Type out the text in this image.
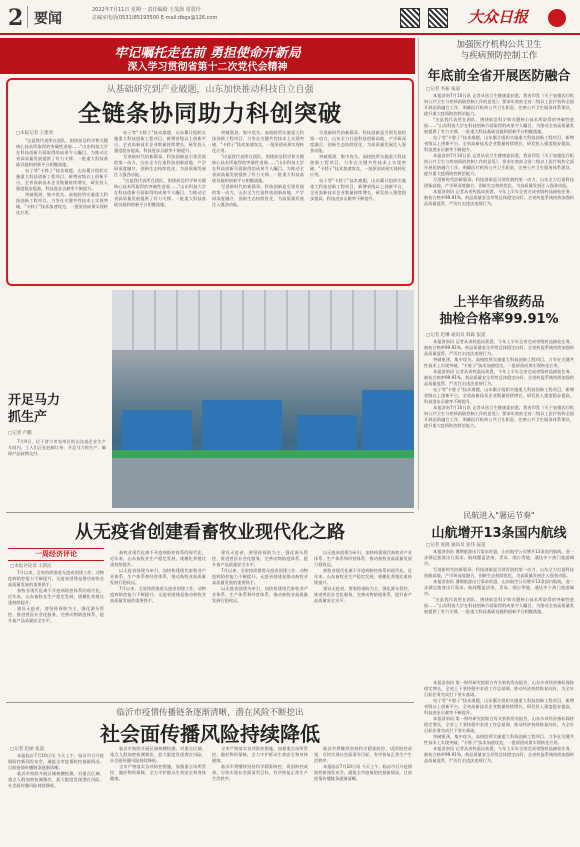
2 要闻
2022年7月11日 星期一 责任编辑 王茂海 常震玲
总编室电话(0531)85193500 E-mail:dbgx@126.com	大众日报
牢记嘱托走在前 勇担使命开新局
深入学习贯彻省第十二次党代会精神
从基础研究到产业破题，山东加快推动科技自立自强
全链条协同助力科创突破
□本报记者 王建勇

"这是我代表所在团队，围绕前沿科学和关键核心技术所取得的突破性进展……"山东科技大学在科技创新方面取得的成果令人瞩目，为推动全省高质量发展提供了有力支撑。一批重大科技基础设施和创新平台相继落地。

电子等"卡脖子"技术难题，山东累计组织实施重大科技创新工程项目，新增省级以上创新平台，全省高新技术企业数量持续增长，研发投入强度稳步提高，科技进步贡献率不断提升。

突破瓶颈，集中攻关。高校院所实施重大科技创新工程项目，力争在关键共性技术上实现突破，"卡脖子"技术加速攻克，一批原创成果实现转化应用。

电子等"卡脖子"技术难题，山东累计组织实施重大科技创新工程项目，新增省级以上创新平台，全省高新技术企业数量持续增长，研发投入强度稳步提高，科技进步贡献率不断提升。

写进新时代的新篇章。科技创新是引领发展的第一动力，山东全力打造科技创新高地，产学研深度融合，创新生态持续优化，为高质量发展注入强劲动能。

"这是我代表所在团队，围绕前沿科学和关键核心技术所取得的突破性进展……"山东科技大学在科技创新方面取得的成果令人瞩目，为推动全省高质量发展提供了有力支撑。一批重大科技基础设施和创新平台相继落地。

突破瓶颈，集中攻关。高校院所实施重大科技创新工程项目，力争在关键共性技术上实现突破，"卡脖子"技术加速攻克，一批原创成果实现转化应用。

"这是我代表所在团队，围绕前沿科学和关键核心技术所取得的突破性进展……"山东科技大学在科技创新方面取得的成果令人瞩目，为推动全省高质量发展提供了有力支撑。一批重大科技基础设施和创新平台相继落地。

写进新时代的新篇章。科技创新是引领发展的第一动力，山东全力打造科技创新高地，产学研深度融合，创新生态持续优化，为高质量发展注入强劲动能。

写进新时代的新篇章。科技创新是引领发展的第一动力，山东全力打造科技创新高地，产学研深度融合，创新生态持续优化，为高质量发展注入强劲动能。

突破瓶颈，集中攻关。高校院所实施重大科技创新工程项目，力争在关键共性技术上实现突破，"卡脖子"技术加速攻克，一批原创成果实现转化应用。

电子等"卡脖子"技术难题，山东累计组织实施重大科技创新工程项目，新增省级以上创新平台，全省高新技术企业数量持续增长，研发投入强度稳步提高，科技进步贡献率不断提升。

开足马力
抓生产
□记者 卢鹏

7月9日，位于济宁市兖州区的山东某企业生产车间内，工人们正在赶制订单，开足马力抓生产，确保产品按期交付。

加强医疗机构公共卫生
与疾病预防控制工作
年底前全省开展医防融合
□记者 李振 报道

本报济南7月10日讯 记者从省卫生健康委获悉，我省印发《关于加强医疗机构公共卫生与疾病预防控制工作的意见》，要求年底前全省二级以上医疗机构全面开展医防融合工作，明确医疗机构公共卫生职责，完善公共卫生服务体系建设，提升重大疫情防控救治能力。

"这是我代表所在团队，围绕前沿科学和关键核心技术所取得的突破性进展……"山东科技大学在科技创新方面取得的成果令人瞩目，为推动全省高质量发展提供了有力支撑。一批重大科技基础设施和创新平台相继落地。

电子等"卡脖子"技术难题，山东累计组织实施重大科技创新工程项目，新增省级以上创新平台，全省高新技术企业数量持续增长，研发投入强度稳步提高，科技进步贡献率不断提升。

本报济南7月10日讯 记者从省卫生健康委获悉，我省印发《关于加强医疗机构公共卫生与疾病预防控制工作的意见》，要求年底前全省二级以上医疗机构全面开展医防融合工作，明确医疗机构公共卫生职责，完善公共卫生服务体系建设，提升重大疫情防控救治能力。

写进新时代的新篇章。科技创新是引领发展的第一动力，山东全力打造科技创新高地，产学研深度融合，创新生态持续优化，为高质量发展注入强劲动能。

本报济南讯 记者从省药监局获悉，今年上半年全省完成省级药品抽检任务，抽检合格率99.91%，药品质量安全形势总体稳定向好。全省药监系统持续加强药品质量监管，严厉打击违法违规行为。

上半年省级药品
抽检合格率99.91%
□记者 赵琳 通讯员 韩霖 报道

本报济南讯 记者从省药监局获悉，今年上半年全省完成省级药品抽检任务，抽检合格率99.91%，药品质量安全形势总体稳定向好。全省药监系统持续加强药品质量监管，严厉打击违法违规行为。

突破瓶颈，集中攻关。高校院所实施重大科技创新工程项目，力争在关键共性技术上实现突破，"卡脖子"技术加速攻克，一批原创成果实现转化应用。

本报济南讯 记者从省药监局获悉，今年上半年全省完成省级药品抽检任务，抽检合格率99.91%，药品质量安全形势总体稳定向好。全省药监系统持续加强药品质量监管，严厉打击违法违规行为。

电子等"卡脖子"技术难题，山东累计组织实施重大科技创新工程项目，新增省级以上创新平台，全省高新技术企业数量持续增长，研发投入强度稳步提高，科技进步贡献率不断提升。

本报济南7月10日讯 记者从省卫生健康委获悉，我省印发《关于加强医疗机构公共卫生与疾病预防控制工作的意见》，要求年底前全省二级以上医疗机构全面开展医防融合工作，明确医疗机构公共卫生职责，完善公共卫生服务体系建设，提升重大疫情防控救治能力。

民航进入"暑运节奏"
山航增开13条国内航线
□记者 张晓 通讯员 张伟 报道

本报济南讯 暑期旅游出行需求旺盛，山东航空公司增开13条国内航线，进一步满足旅客出行需求。航线覆盖济南、青岛、烟台等地，通达多个热门旅游城市。

写进新时代的新篇章。科技创新是引领发展的第一动力，山东全力打造科技创新高地，产学研深度融合，创新生态持续优化，为高质量发展注入强劲动能。

本报济南讯 暑期旅游出行需求旺盛，山东航空公司增开13条国内航线，进一步满足旅客出行需求。航线覆盖济南、青岛、烟台等地，通达多个热门旅游城市。

"这是我代表所在团队，围绕前沿科学和关键核心技术所取得的突破性进展……"山东科技大学在科技创新方面取得的成果令人瞩目，为推动全省高质量发展提供了有力支撑。一批重大科技基础设施和创新平台相继落地。

本报济南讯 第一财经研究院联合有关机构发布报告，山东多项经济指标保持稳定增长，全省上下坚持稳中求进工作总基调，推动经济持续恢复向好，为全年目标任务完成打下坚实基础。

电子等"卡脖子"技术难题，山东累计组织实施重大科技创新工程项目，新增省级以上创新平台，全省高新技术企业数量持续增长，研发投入强度稳步提高，科技进步贡献率不断提升。

本报济南讯 第一财经研究院联合有关机构发布报告，山东多项经济指标保持稳定增长，全省上下坚持稳中求进工作总基调，推动经济持续恢复向好，为全年目标任务完成打下坚实基础。

突破瓶颈，集中攻关。高校院所实施重大科技创新工程项目，力争在关键共性技术上实现突破，"卡脖子"技术加速攻克，一批原创成果实现转化应用。

本报济南讯 记者从省药监局获悉，今年上半年全省完成省级药品抽检任务，抽检合格率99.91%，药品质量安全形势总体稳定向好。全省药监系统持续加强药品质量监管，严厉打击违法违规行为。

从无疫省创建看畜牧业现代化之路
一周经济评论
□本报评论员 王新民

7月以来，全省持续推进无疫省创建工作，动物疫病防控能力不断提升。无疫省创建是推动畜牧业高质量发展的重要抓手。

畜牧业现代化离不开疫病防控体系的现代化。近年来，山东畜牧业生产稳定发展，规模化养殖比重持续提升。

建设无疫省，要坚持预防为主，强化源头管控，推进兽医社会化服务，完善动物防疫体系，提升畜产品质量安全水平。

畜牧业现代化离不开疫病防控体系的现代化。近年来，山东畜牧业生产稳定发展，规模化养殖比重持续提升。

以无疫省创建为牵引，加快构建现代畜牧业产业体系、生产体系和经营体系，推动畜牧业高质量发展行稳致远。

7月以来，全省持续推进无疫省创建工作，动物疫病防控能力不断提升。无疫省创建是推动畜牧业高质量发展的重要抓手。

建设无疫省，要坚持预防为主，强化源头管控，推进兽医社会化服务，完善动物防疫体系，提升畜产品质量安全水平。

7月以来，全省持续推进无疫省创建工作，动物疫病防控能力不断提升。无疫省创建是推动畜牧业高质量发展的重要抓手。

以无疫省创建为牵引，加快构建现代畜牧业产业体系、生产体系和经营体系，推动畜牧业高质量发展行稳致远。

以无疫省创建为牵引，加快构建现代畜牧业产业体系、生产体系和经营体系，推动畜牧业高质量发展行稳致远。

畜牧业现代化离不开疫病防控体系的现代化。近年来，山东畜牧业生产稳定发展，规模化养殖比重持续提升。

建设无疫省，要坚持预防为主，强化源头管控，推进兽医社会化服务，完善动物防疫体系，提升畜产品质量安全水平。

临沂市疫情传播链条逐渐清晰，潜在风险不断挖出
社会面传播风险持续降低
□记者 赵丽 报道

本报临沂7月10日讯 今天上午，临沂市召开疫情防控新闻发布会，通报全市疫情防控最新情况。目前疫情传播链条逐渐清晰。

临沂市持续开展区域核酸检测，对重点区域、重点人群加密检测频次，最大限度发现潜在风险，社会面传播风险持续降低。

临沂市持续开展区域核酸检测，对重点区域、重点人群加密检测频次，最大限度发现潜在风险，社会面传播风险持续降低。

全市严格落实各项防控措施，加强重点场所管控，做好物资保障，全力守护群众生命安全和身体健康。

全市严格落实各项防控措施，加强重点场所管控，做好物资保障，全力守护群众生命安全和身体健康。

临沂市将继续坚持科学精准防控，巩固防控成果，尽快实现社会面清零目标，有序恢复正常生产生活秩序。

临沂市将继续坚持科学精准防控，巩固防控成果，尽快实现社会面清零目标，有序恢复正常生产生活秩序。

本报临沂7月10日讯 今天上午，临沂市召开疫情防控新闻发布会，通报全市疫情防控最新情况。目前疫情传播链条逐渐清晰。
